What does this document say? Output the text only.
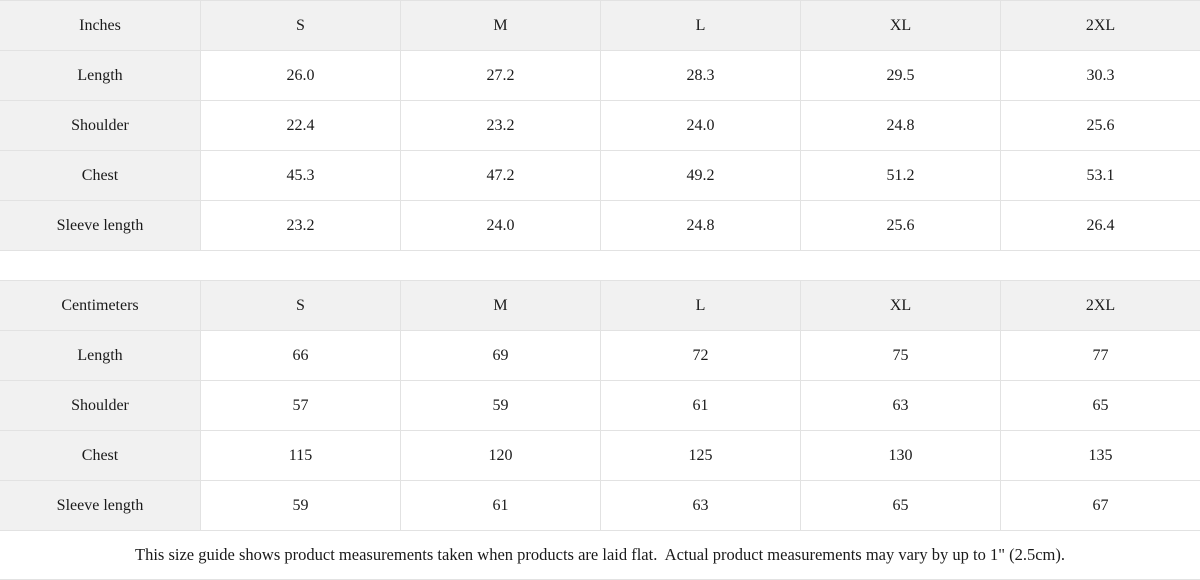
Inches	S	M	L	XL	2XL
Length	26.0	27.2	28.3	29.5	30.3
Shoulder	22.4	23.2	24.0	24.8	25.6
Chest	45.3	47.2	49.2	51.2	53.1
Sleeve length	23.2	24.0	24.8	25.6	26.4
Centimeters	S	M	L	XL	2XL
Length	66	69	72	75	77
Shoulder	57	59	61	63	65
Chest	115	120	125	130	135
Sleeve length	59	61	63	65	67
This size guide shows product measurements taken when products are laid flat.  Actual product measurements may vary by up to 1" (2.5cm).
